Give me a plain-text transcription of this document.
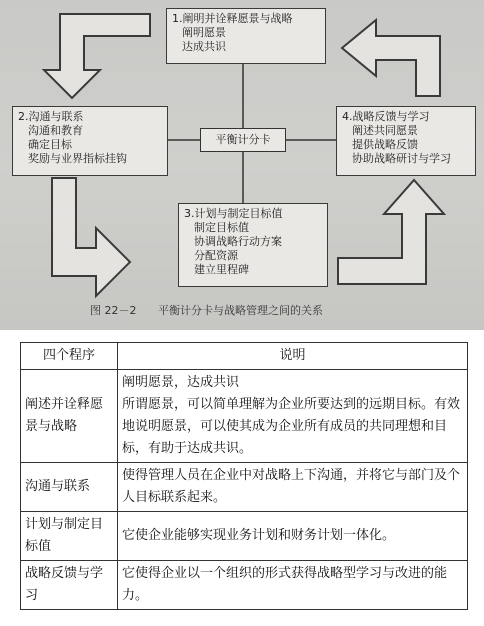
1.阐明并诠释愿景与战略
阐明愿景
达成共识
2.沟通与联系
沟通和教育
确定目标
奖励与业界指标挂钩
平衡计分卡
4.战略反馈与学习
阐述共同愿景
提供战略反馈
协助战略研讨与学习
3.计划与制定目标值
制定目标值
协调战略行动方案
分配资源
建立里程碑
图 22－2 平衡计分卡与战略管理之间的关系
四个程序	说明
阐述并诠释愿景与战略	阐明愿景，达成共识
所谓愿景，可以简单理解为企业所要达到的远期目标。有效地说明愿景，可以使其成为企业所有成员的共同理想和目标，有助于达成共识。

沟通与联系	使得管理人员在企业中对战略上下沟通，并将它与部门及个人目标联系起来。

计划与制定目标值	它使企业能够实现业务计划和财务计划一体化。

战略反馈与学习	它使得企业以一个组织的形式获得战略型学习与改进的能力。
